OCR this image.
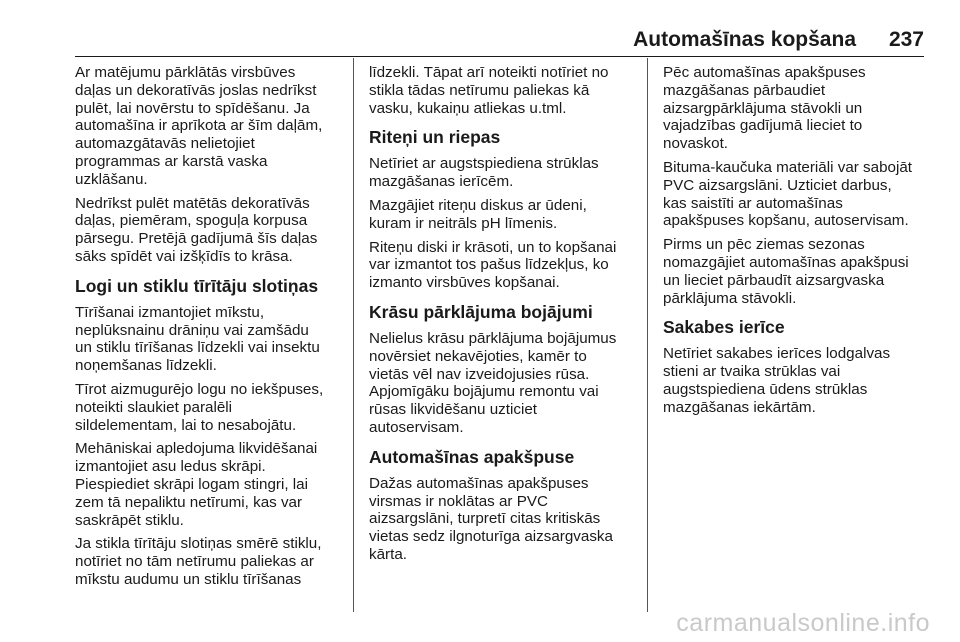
Automašīnas kopšana 237

Ar matējumu pārklātās virsbūves
daļas un dekoratīvās joslas nedrīkst
pulēt, lai novērstu to spīdēšanu. Ja
automašīna ir aprīkota ar šīm daļām,
automazgātavās nelietojiet
programmas ar karstā vaska
uzklāšanu.

Nedrīkst pulēt matētās dekoratīvās
daļas, piemēram, spoguļa korpusa
pārsegu. Pretējā gadījumā šīs daļas
sāks spīdēt vai izšķīdīs to krāsa.

Logi un stiklu tīrītāju slotiņas

Tīrīšanai izmantojiet mīkstu,
neplūksnainu drāniņu vai zamšādu
un stiklu tīrīšanas līdzekli vai insektu
noņemšanas līdzekli.

Tīrot aizmugurējo logu no iekšpuses,
noteikti slaukiet paralēli
sildelementam, lai to nesabojātu.

Mehāniskai apledojuma likvidēšanai
izmantojiet asu ledus skrāpi.
Piespiediet skrāpi logam stingri, lai
zem tā nepaliktu netīrumi, kas var
saskrāpēt stiklu.

Ja stikla tīrītāju slotiņas smērē stiklu,
notīriet no tām netīrumu paliekas ar
mīkstu audumu un stiklu tīrīšanas

līdzekli. Tāpat arī noteikti notīriet no
stikla tādas netīrumu paliekas kā
vasku, kukaiņu atliekas u.tml.

Riteņi un riepas

Netīriet ar augstspiediena strūklas
mazgāšanas ierīcēm.

Mazgājiet riteņu diskus ar ūdeni,
kuram ir neitrāls pH līmenis.

Riteņu diski ir krāsoti, un to kopšanai
var izmantot tos pašus līdzekļus, ko
izmanto virsbūves kopšanai.

Krāsu pārklājuma bojājumi

Nelielus krāsu pārklājuma bojājumus
novērsiet nekavējoties, kamēr to
vietās vēl nav izveidojusies rūsa.
Apjomīgāku bojājumu remontu vai
rūsas likvidēšanu uzticiet
autoservisam.

Automašīnas apakšpuse

Dažas automašīnas apakšpuses
virsmas ir noklātas ar PVC
aizsargslāni, turpretī citas kritiskās
vietas sedz ilgnoturīga aizsargvaska
kārta.

Pēc automašīnas apakšpuses
mazgāšanas pārbaudiet
aizsargpārklājuma stāvokli un
vajadzības gadījumā lieciet to
novaskot.

Bituma-kaučuka materiāli var sabojāt
PVC aizsargslāni. Uzticiet darbus,
kas saistīti ar automašīnas
apakšpuses kopšanu, autoservisam.

Pirms un pēc ziemas sezonas
nomazgājiet automašīnas apakšpusi
un lieciet pārbaudīt aizsargvaska
pārklājuma stāvokli.

Sakabes ierīce

Netīriet sakabes ierīces lodgalvas
stieni ar tvaika strūklas vai
augstspiediena ūdens strūklas
mazgāšanas iekārtām.

carmanualsonline.info
